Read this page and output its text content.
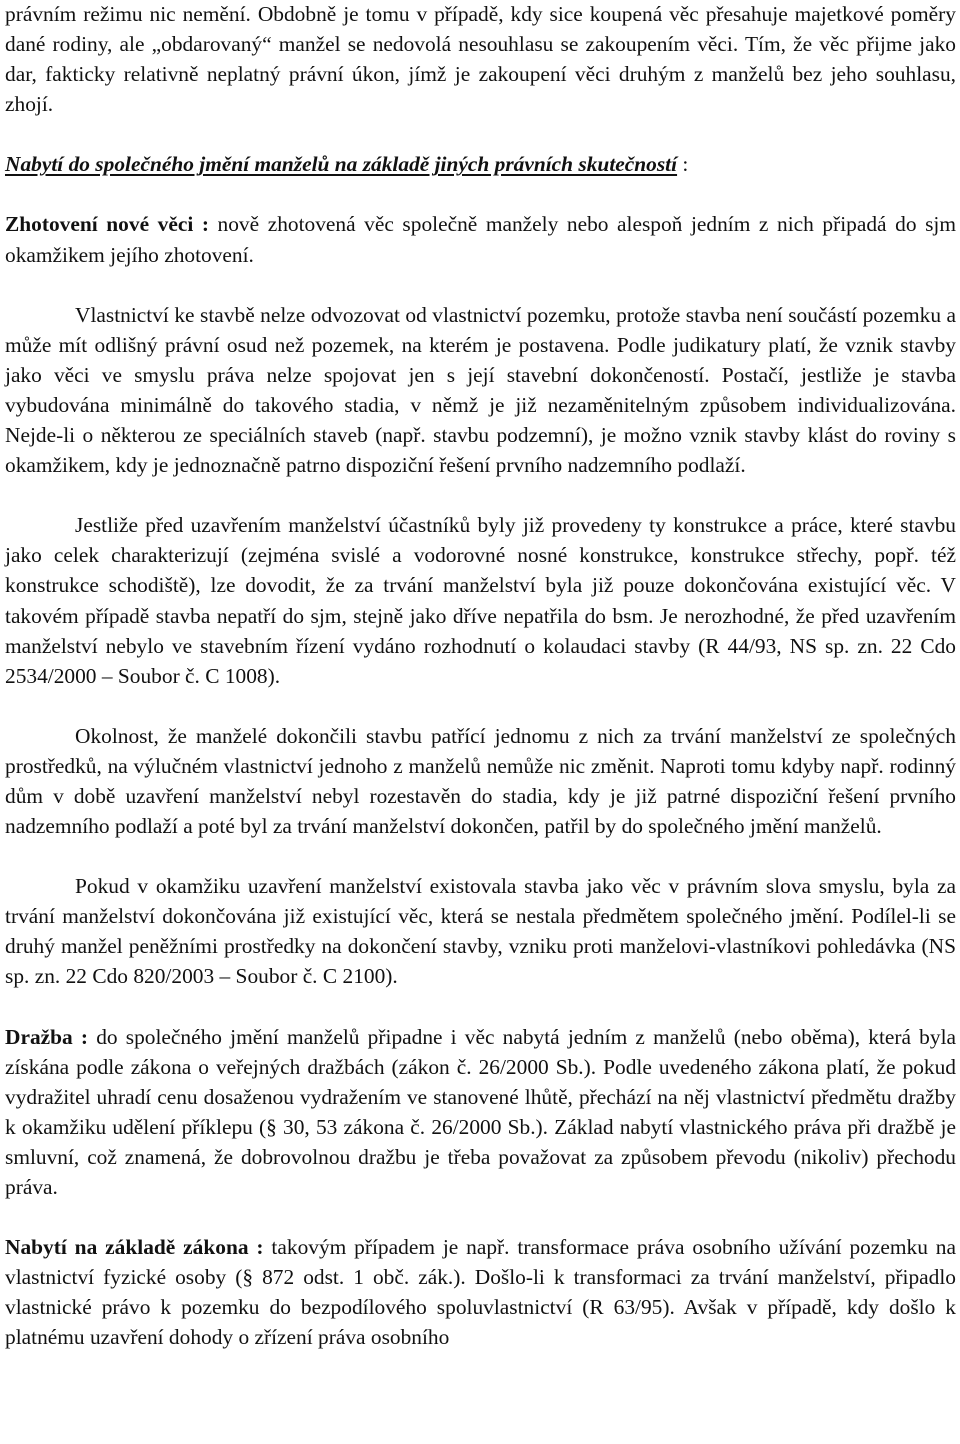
právním režimu nic nemění. Obdobně je tomu v případě, kdy sice koupená věc přesahuje majetkové poměry dané rodiny, ale „obdarovaný“ manžel se nedovolá nesouhlasu se zakoupením věci. Tím, že věc přijme jako dar, fakticky relativně neplatný právní úkon, jímž je zakoupení věci druhým z manželů bez jeho souhlasu, zhojí.

Nabytí do společného jmění manželů na základě jiných právních skutečností :

Zhotovení nové věci : nově zhotovená věc společně manžely nebo alespoň jedním z nich připadá do sjm okamžikem jejího zhotovení.

Vlastnictví ke stavbě nelze odvozovat od vlastnictví pozemku, protože stavba není součástí pozemku a může mít odlišný právní osud než pozemek, na kterém je postavena. Podle judikatury platí, že vznik stavby jako věci ve smyslu práva nelze spojovat jen s její stavební dokončeností. Postačí, jestliže je stavba vybudována minimálně do takového stadia, v němž je již nezaměnitelným způsobem individualizována. Nejde-li o některou ze speciálních staveb (např. stavbu podzemní), je možno vznik stavby klást do roviny s okamžikem, kdy je jednoznačně patrno dispoziční řešení prvního nadzemního podlaží.

Jestliže před uzavřením manželství účastníků byly již provedeny ty konstrukce a práce, které stavbu jako celek charakterizují (zejména svislé a vodorovné nosné konstrukce, konstrukce střechy, popř. též konstrukce schodiště), lze dovodit, že za trvání manželství byla již pouze dokončována existující věc. V takovém případě stavba nepatří do sjm, stejně jako dříve nepatřila do bsm. Je nerozhodné, že před uzavřením manželství nebylo ve stavebním řízení vydáno rozhodnutí o kolaudaci stavby (R 44/93, NS sp. zn. 22 Cdo 2534/2000 – Soubor č. C 1008).

Okolnost, že manželé dokončili stavbu patřící jednomu z nich za trvání manželství ze společných prostředků, na výlučném vlastnictví jednoho z manželů nemůže nic změnit. Naproti tomu kdyby např. rodinný dům v době uzavření manželství nebyl rozestavěn do stadia, kdy je již patrné dispoziční řešení prvního nadzemního podlaží a poté byl za trvání manželství dokončen, patřil by do společného jmění manželů.

Pokud v okamžiku uzavření manželství existovala stavba jako věc v právním slova smyslu, byla za trvání manželství dokončována již existující věc, která se nestala předmětem společného jmění. Podílel-li se druhý manžel peněžními prostředky na dokončení stavby, vzniku proti manželovi-vlastníkovi pohledávka (NS sp. zn. 22 Cdo 820/2003 – Soubor č. C 2100).

Dražba : do společného jmění manželů připadne i věc nabytá jedním z manželů (nebo oběma), která byla získána podle zákona o veřejných dražbách (zákon č. 26/2000 Sb.). Podle uvedeného zákona platí, že pokud vydražitel uhradí cenu dosaženou vydražením ve stanovené lhůtě, přechází na něj vlastnictví předmětu dražby k okamžiku udělení příklepu (§ 30, 53 zákona č. 26/2000 Sb.). Základ nabytí vlastnického práva při dražbě je smluvní, což znamená, že dobrovolnou dražbu je třeba považovat za způsobem převodu (nikoliv) přechodu práva.

Nabytí na základě zákona : takovým případem je např. transformace práva osobního užívání pozemku na vlastnictví fyzické osoby (§ 872 odst. 1 obč. zák.). Došlo-li k transformaci za trvání manželství, připadlo vlastnické právo k pozemku do bezpodílového spoluvlastnictví (R 63/95). Avšak v případě, kdy došlo k platnému uzavření dohody o zřízení práva osobního
